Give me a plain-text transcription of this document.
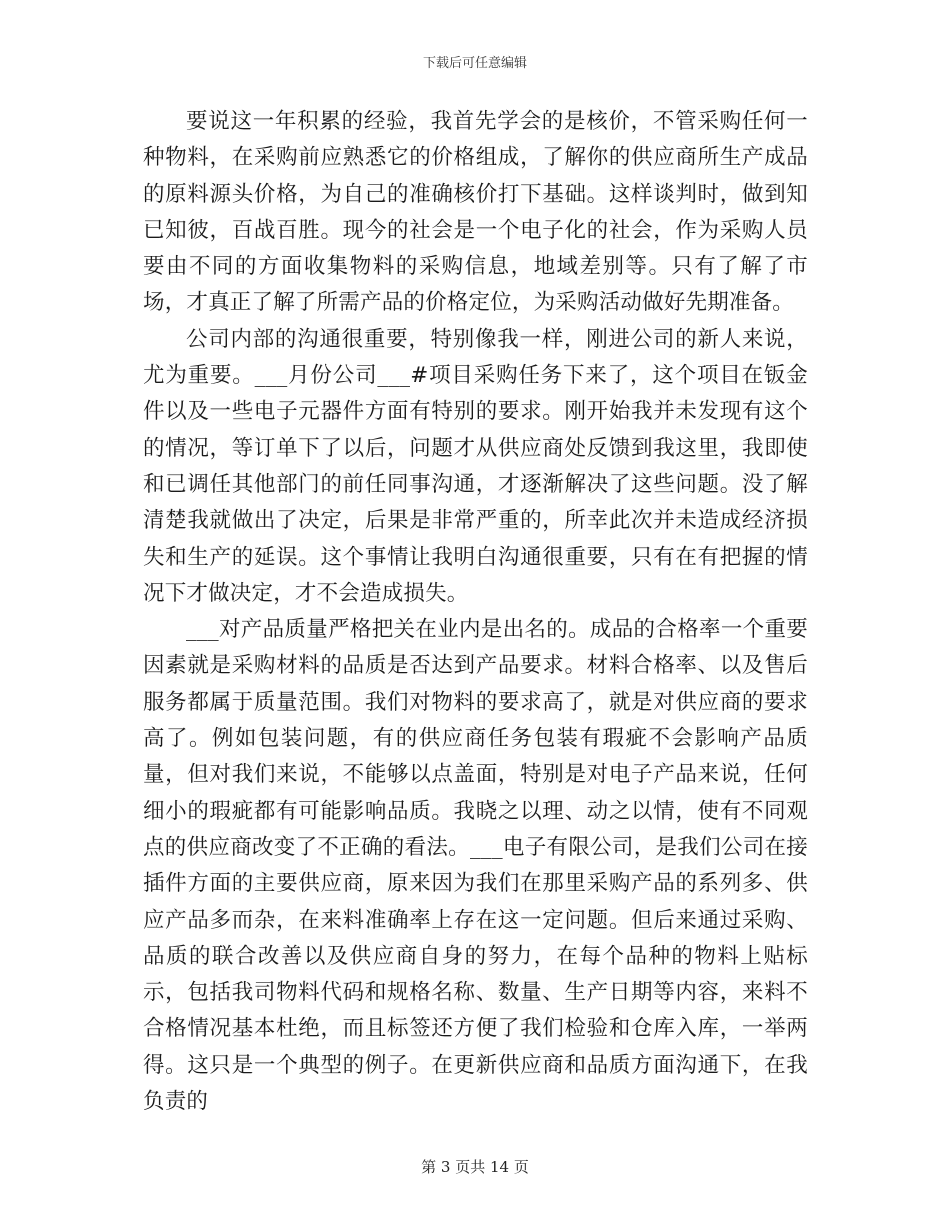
下载后可任意编辑

要说这一年积累的经验，我首先学会的是核价，不管采购任何一种物料，在采购前应熟悉它的价格组成，了解你的供应商所生产成品的原料源头价格，为自己的准确核价打下基础。这样谈判时，做到知已知彼，百战百胜。现今的社会是一个电子化的社会，作为采购人员要由不同的方面收集物料的采购信息，地域差别等。只有了解了市场，才真正了解了所需产品的价格定位，为采购活动做好先期准备。

公司内部的沟通很重要，特别像我一样，刚进公司的新人来说，尤为重要。___月份公司___#项目采购任务下来了，这个项目在钣金件以及一些电子元器件方面有特别的要求。刚开始我并未发现有这个的情况，等订单下了以后，问题才从供应商处反馈到我这里，我即使和已调任其他部门的前任同事沟通，才逐渐解决了这些问题。没了解清楚我就做出了决定，后果是非常严重的，所幸此次并未造成经济损失和生产的延误。这个事情让我明白沟通很重要，只有在有把握的情况下才做决定，才不会造成损失。

___对产品质量严格把关在业内是出名的。成品的合格率一个重要因素就是采购材料的品质是否达到产品要求。材料合格率、以及售后服务都属于质量范围。我们对物料的要求高了，就是对供应商的要求高了。例如包装问题，有的供应商任务包装有瑕疵不会影响产品质量，但对我们来说，不能够以点盖面，特别是对电子产品来说，任何细小的瑕疵都有可能影响品质。我晓之以理、动之以情，使有不同观点的供应商改变了不正确的看法。___电子有限公司，是我们公司在接插件方面的主要供应商，原来因为我们在那里采购产品的系列多、供应产品多而杂，在来料准确率上存在这一定问题。但后来通过采购、品质的联合改善以及供应商自身的努力，在每个品种的物料上贴标示，包括我司物料代码和规格名称、数量、生产日期等内容，来料不合格情况基本杜绝，而且标签还方便了我们检验和仓库入库，一举两得。这只是一个典型的例子。在更新供应商和品质方面沟通下，在我负责的

第 3 页共 14 页
